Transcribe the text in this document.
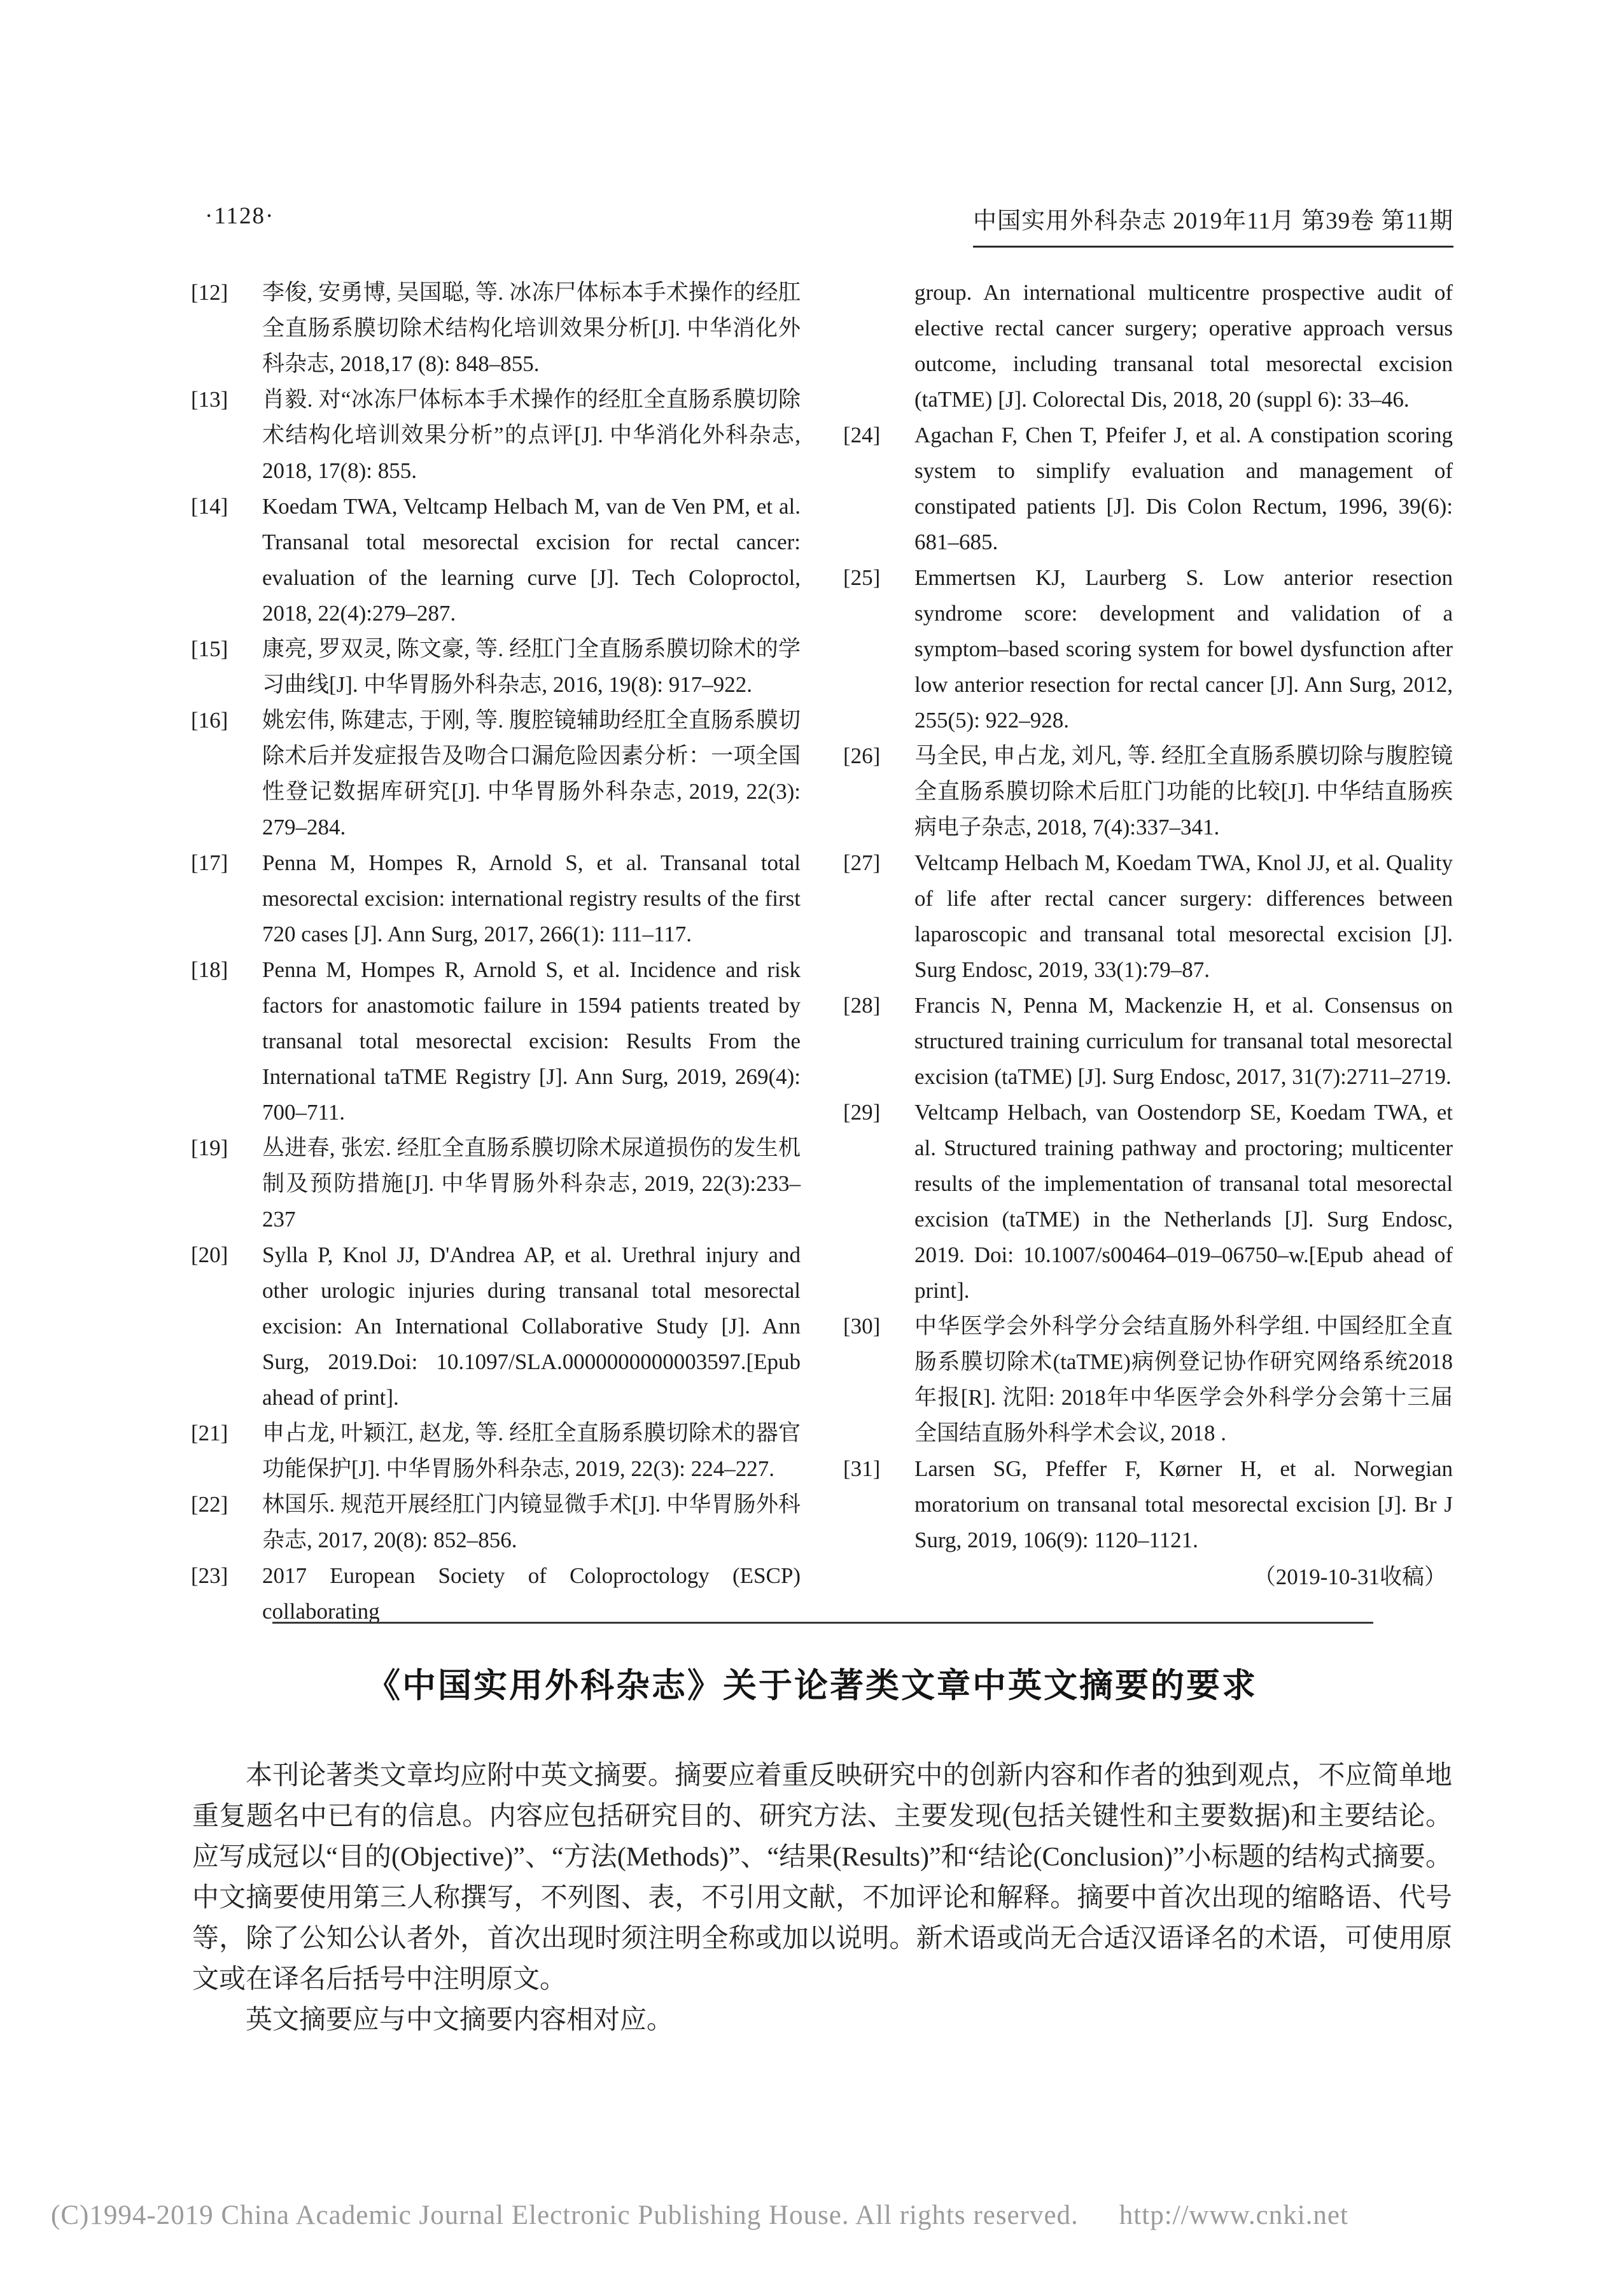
·1128·	中国实用外科杂志 2019年11月 第39卷 第11期
[12]	李俊, 安勇博, 吴国聪, 等. 冰冻尸体标本手术操作的经肛全直肠系膜切除术结构化培训效果分析[J]. 中华消化外科杂志, 2018,17 (8): 848–855.
[13]	肖毅. 对“冰冻尸体标本手术操作的经肛全直肠系膜切除术结构化培训效果分析”的点评[J]. 中华消化外科杂志, 2018, 17(8): 855.
[14]	Koedam TWA, Veltcamp Helbach M, van de Ven PM, et al. Transanal total mesorectal excision for rectal cancer: evaluation of the learning curve [J]. Tech Coloproctol, 2018, 22(4):279–287.
[15]	康亮, 罗双灵, 陈文豪, 等. 经肛门全直肠系膜切除术的学习曲线[J]. 中华胃肠外科杂志, 2016, 19(8): 917–922.
[16]	姚宏伟, 陈建志, 于刚, 等. 腹腔镜辅助经肛全直肠系膜切除术后并发症报告及吻合口漏危险因素分析：一项全国性登记数据库研究[J]. 中华胃肠外科杂志, 2019, 22(3): 279–284.
[17]	Penna M, Hompes R, Arnold S, et al. Transanal total mesorectal excision: international registry results of the first 720 cases [J]. Ann Surg, 2017, 266(1): 111–117.
[18]	Penna M, Hompes R, Arnold S, et al. Incidence and risk factors for anastomotic failure in 1594 patients treated by transanal total mesorectal excision: Results From the International taTME Registry [J]. Ann Surg, 2019, 269(4): 700–711.
[19]	丛进春, 张宏. 经肛全直肠系膜切除术尿道损伤的发生机制及预防措施[J]. 中华胃肠外科杂志, 2019, 22(3):233–237
[20]	Sylla P, Knol JJ, D'Andrea AP, et al. Urethral injury and other urologic injuries during transanal total mesorectal excision: An International Collaborative Study [J]. Ann Surg, 2019.Doi: 10.1097/SLA.0000000000003597.[Epub ahead of print].
[21]	申占龙, 叶颖江, 赵龙, 等. 经肛全直肠系膜切除术的器官功能保护[J]. 中华胃肠外科杂志, 2019, 22(3): 224–227.
[22]	林国乐. 规范开展经肛门内镜显微手术[J]. 中华胃肠外科杂志, 2017, 20(8): 852–856.
[23]	2017 European Society of Coloproctology (ESCP) collaborating
group. An international multicentre prospective audit of elective rectal cancer surgery; operative approach versus outcome, including transanal total mesorectal excision (taTME) [J]. Colorectal Dis, 2018, 20 (suppl 6): 33–46.
[24]	Agachan F, Chen T, Pfeifer J, et al. A constipation scoring system to simplify evaluation and management of constipated patients [J]. Dis Colon Rectum, 1996, 39(6): 681–685.
[25]	Emmertsen KJ, Laurberg S. Low anterior resection syndrome score: development and validation of a symptom–based scoring system for bowel dysfunction after low anterior resection for rectal cancer [J]. Ann Surg, 2012, 255(5): 922–928.
[26]	马全民, 申占龙, 刘凡, 等. 经肛全直肠系膜切除与腹腔镜全直肠系膜切除术后肛门功能的比较[J]. 中华结直肠疾病电子杂志, 2018, 7(4):337–341.
[27]	Veltcamp Helbach M, Koedam TWA, Knol JJ, et al. Quality of life after rectal cancer surgery: differences between laparoscopic and transanal total mesorectal excision [J]. Surg Endosc, 2019, 33(1):79–87.
[28]	Francis N, Penna M, Mackenzie H, et al. Consensus on structured training curriculum for transanal total mesorectal excision (taTME) [J]. Surg Endosc, 2017, 31(7):2711–2719.
[29]	Veltcamp Helbach, van Oostendorp SE, Koedam TWA, et al. Structured training pathway and proctoring; multicenter results of the implementation of transanal total mesorectal excision (taTME) in the Netherlands [J]. Surg Endosc, 2019. Doi: 10.1007/s00464–019–06750–w.[Epub ahead of print].
[30]	中华医学会外科学分会结直肠外科学组. 中国经肛全直肠系膜切除术(taTME)病例登记协作研究网络系统2018年报[R]. 沈阳: 2018年中华医学会外科学分会第十三届全国结直肠外科学术会议, 2018 .
[31]	Larsen SG, Pfeffer F, Kørner H, et al. Norwegian moratorium on transanal total mesorectal excision [J]. Br J Surg, 2019, 106(9): 1120–1121.
（2019-10-31收稿）
《中国实用外科杂志》关于论著类文章中英文摘要的要求

本刊论著类文章均应附中英文摘要。摘要应着重反映研究中的创新内容和作者的独到观点，不应简单地重复题名中已有的信息。内容应包括研究目的、研究方法、主要发现(包括关键性和主要数据)和主要结论。应写成冠以“目的(Objective)”、“方法(Methods)”、“结果(Results)”和“结论(Conclusion)”小标题的结构式摘要。中文摘要使用第三人称撰写，不列图、表，不引用文献，不加评论和解释。摘要中首次出现的缩略语、代号等，除了公知公认者外，首次出现时须注明全称或加以说明。新术语或尚无合适汉语译名的术语，可使用原文或在译名后括号中注明原文。

英文摘要应与中文摘要内容相对应。

(C)1994-2019 China Academic Journal Electronic Publishing House. All rights reserved. http://www.cnki.net
